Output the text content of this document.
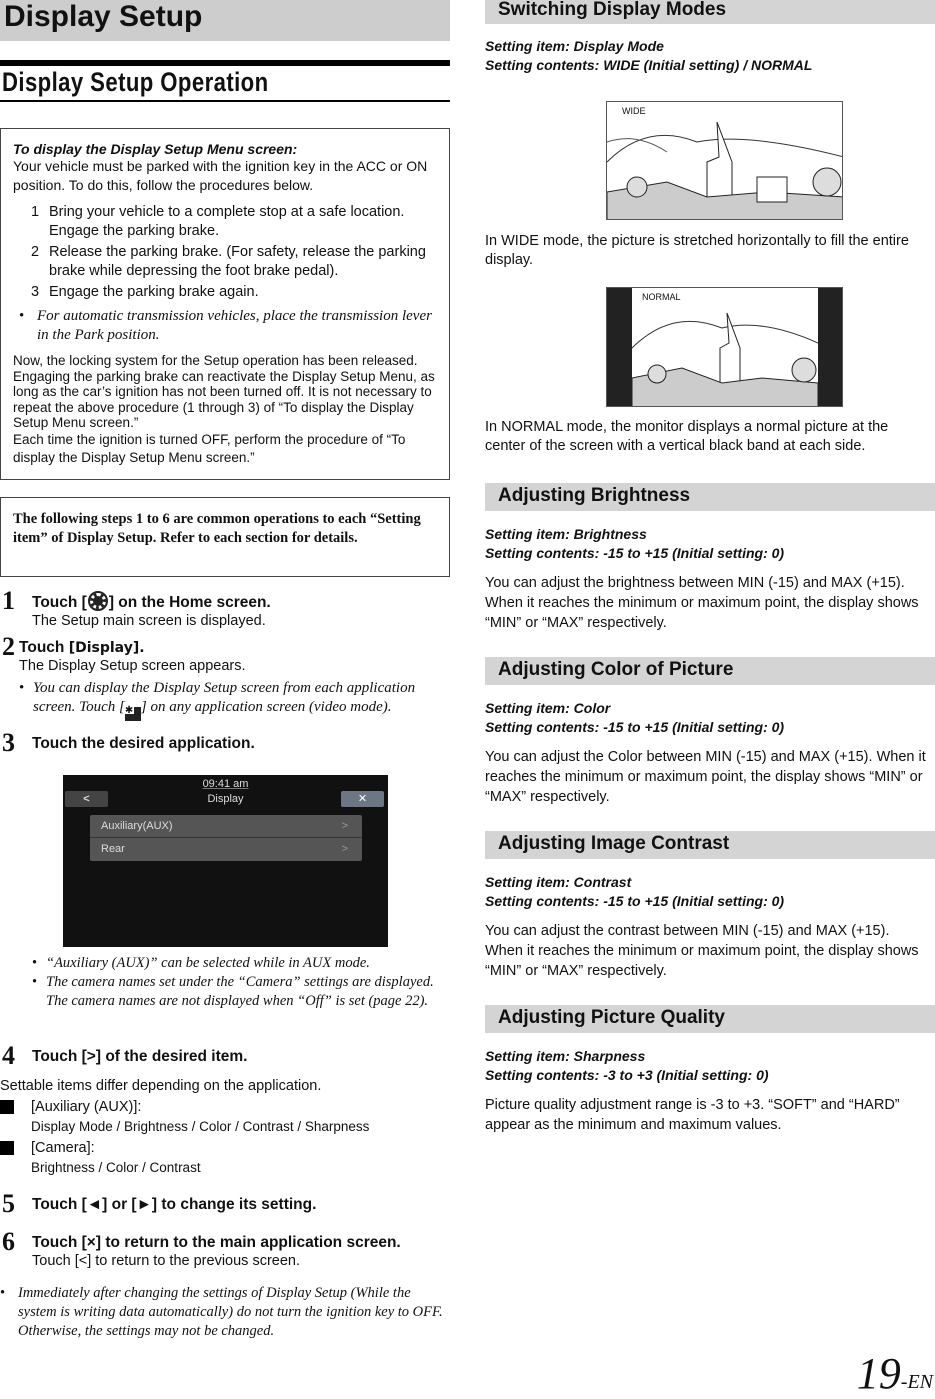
Display Setup
Display Setup Operation
To display the Display Setup Menu screen:
Your vehicle must be parked with the ignition key in the ACC or ON position. To do this, follow the procedures below.
1 Bring your vehicle to a complete stop at a safe location. Engage the parking brake.
2 Release the parking brake. (For safety, release the parking brake while depressing the foot brake pedal).
3 Engage the parking brake again.
• For automatic transmission vehicles, place the transmission lever in the Park position.
Now, the locking system for the Setup operation has been released. Engaging the parking brake can reactivate the Display Setup Menu, as long as the car’s ignition has not been turned off. It is not necessary to repeat the above procedure (1 through 3) of “To display the Display Setup Menu screen.”
Each time the ignition is turned OFF, perform the procedure of “To display the Display Setup Menu screen.”
The following steps 1 to 6 are common operations to each “Setting item” of Display Setup. Refer to each section for details.
1	Touch [ ] on the Home screen.
The Setup main screen is displayed.
2 Touch [Display].
The Display Setup screen appears.
• You can display the Display Setup screen from each application screen. Touch [✱ ] on any application screen (video mode).
3	Touch the desired application.
09:41 am
<	Display	✕
Auxiliary(AUX)	>
Rear	>
• “Auxiliary (AUX)” can be selected while in AUX mode.
• The camera names set under the “Camera” settings are displayed. The camera names are not displayed when “Off” is set (page 22).
4	Touch [>] of the desired item.
Settable items differ depending on the application.
[Auxiliary (AUX)]:
Display Mode / Brightness / Color / Contrast / Sharpness
[Camera]:
Brightness / Color / Contrast
5	Touch [◄] or [►] to change its setting.
6	Touch [×] to return to the main application screen.
Touch [<] to return to the previous screen.
• Immediately after changing the settings of Display Setup (While the system is writing data automatically) do not turn the ignition key to OFF. Otherwise, the settings may not be changed.
Switching Display Modes
Setting item: Display Mode
Setting contents: WIDE (Initial setting) / NORMAL
WIDE
In WIDE mode, the picture is stretched horizontally to fill the entire display.
NORMAL
In NORMAL mode, the monitor displays a normal picture at the center of the screen with a vertical black band at each side.
Adjusting Brightness
Setting item: Brightness
Setting contents: -15 to +15 (Initial setting: 0)
You can adjust the brightness between MIN (-15) and MAX (+15). When it reaches the minimum or maximum point, the display shows “MIN” or “MAX” respectively.
Adjusting Color of Picture
Setting item: Color
Setting contents: -15 to +15 (Initial setting: 0)
You can adjust the Color between MIN (-15) and MAX (+15). When it reaches the minimum or maximum point, the display shows “MIN” or “MAX” respectively.
Adjusting Image Contrast
Setting item: Contrast
Setting contents: -15 to +15 (Initial setting: 0)
You can adjust the contrast between MIN (-15) and MAX (+15). When it reaches the minimum or maximum point, the display shows “MIN” or “MAX” respectively.
Adjusting Picture Quality
Setting item: Sharpness
Setting contents: -3 to +3 (Initial setting: 0)
Picture quality adjustment range is -3 to +3. “SOFT” and “HARD” appear as the minimum and maximum values.
19-EN
